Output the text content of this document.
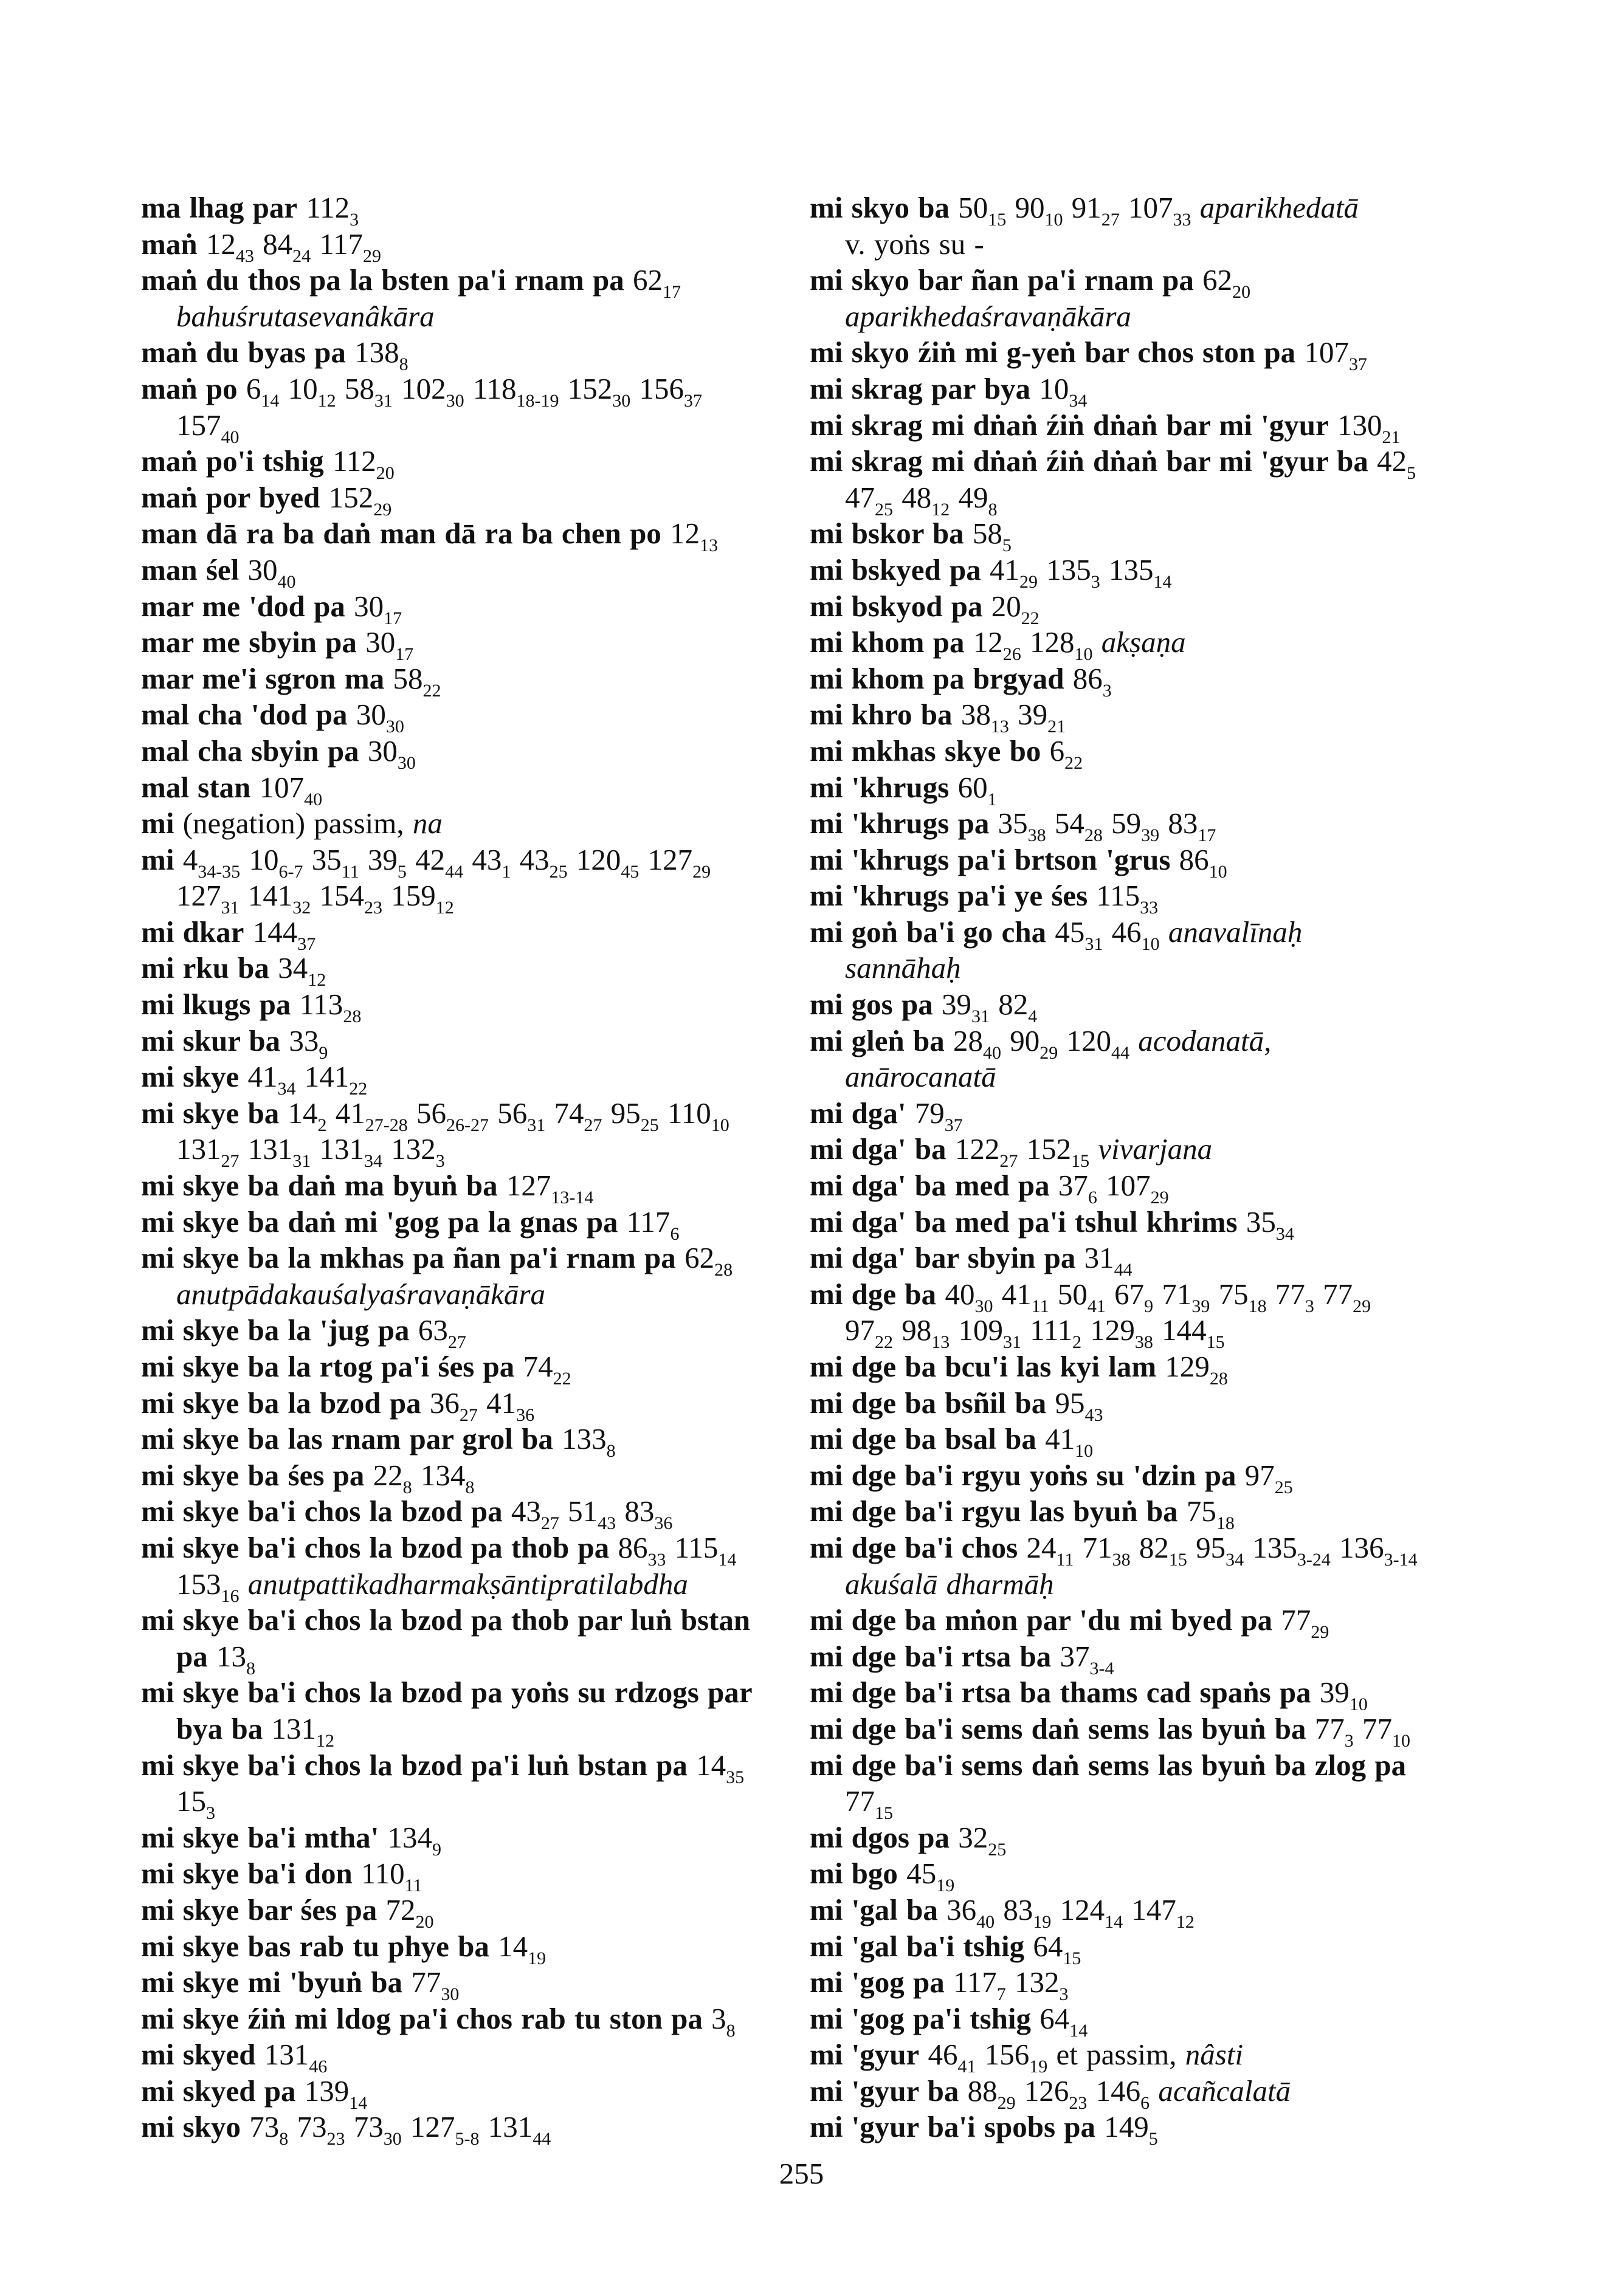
ma lhag par $112_3$
maṅ $12_{43}$ $84_{24}$ $117_{29}$
maṅ du thos pa la bsten pa'i rnam pa $62_{17}$ bahuśrutasevanâkāra
maṅ du byas pa $138_8$
maṅ po $6_{14}$ $10_{12}$ $58_{31}$ $102_{30}$ $118_{18-19}$ $152_{30}$ $156_{37}$ $157_{40}$
maṅ po'i tshig $112_{20}$
maṅ por byed $152_{29}$
man dā ra ba daṅ man dā ra ba chen po $12_{13}$
man śel $30_{40}$
mar me 'dod pa $30_{17}$
mar me sbyin pa $30_{17}$
mar me'i sgron ma $58_{22}$
mal cha 'dod pa $30_{30}$
mal cha sbyin pa $30_{30}$
mal stan $107_{40}$
mi (negation) passim, na
mi $4_{34-35}$ $10_{6-7}$ $35_{11}$ $39_5$ $42_{44}$ $43_1$ $43_{25}$ $120_{45}$ $127_{29}$ $127_{31}$ $141_{32}$ $154_{23}$ $159_{12}$
mi dkar $144_{37}$
mi rku ba $34_{12}$
mi lkugs pa $113_{28}$
mi skur ba $33_9$
mi skye $41_{34}$ $141_{22}$
mi skye ba $14_2$ $41_{27-28}$ $56_{26-27}$ $56_{31}$ $74_{27}$ $95_{25}$ $110_{10}$ $131_{27}$ $131_{31}$ $131_{34}$ $132_3$
mi skye ba daṅ ma byuṅ ba $127_{13-14}$
mi skye ba daṅ mi 'gog pa la gnas pa $117_6$
mi skye ba la mkhas pa ñan pa'i rnam pa $62_{28}$ anutpādakauśalyaśravaṇākāra
mi skye ba la 'jug pa $63_{27}$
mi skye ba la rtog pa'i śes pa $74_{22}$
mi skye ba la bzod pa $36_{27}$ $41_{36}$
mi skye ba las rnam par grol ba $133_8$
mi skye ba śes pa $22_8$ $134_8$
mi skye ba'i chos la bzod pa $43_{27}$ $51_{43}$ $83_{36}$
mi skye ba'i chos la bzod pa thob pa $86_{33}$ $115_{14}$ $153_{16}$ anutpattikadharmakṣāntipratilabdha
mi skye ba'i chos la bzod pa thob par luṅ bstan pa $13_8$
mi skye ba'i chos la bzod pa yoṅs su rdzogs par bya ba $131_{12}$
mi skye ba'i chos la bzod pa'i luṅ bstan pa $14_{35}$ $15_3$
mi skye ba'i mtha' $134_9$
mi skye ba'i don $110_{11}$
mi skye bar śes pa $72_{20}$
mi skye bas rab tu phye ba $14_{19}$
mi skye mi 'byuṅ ba $77_{30}$
mi skye źiṅ mi ldog pa'i chos rab tu ston pa $3_8$
mi skyed $131_{46}$
mi skyed pa $139_{14}$
mi skyo $73_8$ $73_{23}$ $73_{30}$ $127_{5-8}$ $131_{44}$
mi skyo ba $50_{15}$ $90_{10}$ $91_{27}$ $107_{33}$ aparikhedatā
v. yoṅs su -
mi skyo bar ñan pa'i rnam pa $62_{20}$ aparikhedaśravaṇākāra
mi skyo źiṅ mi g-yeṅ bar chos ston pa $107_{37}$
mi skrag par bya $10_{34}$
mi skrag mi dṅaṅ źiṅ dṅaṅ bar mi 'gyur $130_{21}$
mi skrag mi dṅaṅ źiṅ dṅaṅ bar mi 'gyur ba $42_5$ $47_{25}$ $48_{12}$ $49_8$
mi bskor ba $58_5$
mi bskyed pa $41_{29}$ $135_3$ $135_{14}$
mi bskyod pa $20_{22}$
mi khom pa $12_{26}$ $128_{10}$ akṣaṇa
mi khom pa brgyad $86_3$
mi khro ba $38_{13}$ $39_{21}$
mi mkhas skye bo $6_{22}$
mi 'khrugs $60_1$
mi 'khrugs pa $35_{38}$ $54_{28}$ $59_{39}$ $83_{17}$
mi 'khrugs pa'i brtson 'grus $86_{10}$
mi 'khrugs pa'i ye śes $115_{33}$
mi goṅ ba'i go cha $45_{31}$ $46_{10}$ anavalīnaḥ sannāhaḥ
mi gos pa $39_{31}$ $82_4$
mi gleṅ ba $28_{40}$ $90_{29}$ $120_{44}$ acodanatā, anārocanatā
mi dga' $79_{37}$
mi dga' ba $122_{27}$ $152_{15}$ vivarjana
mi dga' ba med pa $37_6$ $107_{29}$
mi dga' ba med pa'i tshul khrims $35_{34}$
mi dga' bar sbyin pa $31_{44}$
mi dge ba $40_{30}$ $41_{11}$ $50_{41}$ $67_9$ $71_{39}$ $75_{18}$ $77_3$ $77_{29}$ $97_{22}$ $98_{13}$ $109_{31}$ $111_2$ $129_{38}$ $144_{15}$
mi dge ba bcu'i las kyi lam $129_{28}$
mi dge ba bsñil ba $95_{43}$
mi dge ba bsal ba $41_{10}$
mi dge ba'i rgyu yoṅs su 'dzin pa $97_{25}$
mi dge ba'i rgyu las byuṅ ba $75_{18}$
mi dge ba'i chos $24_{11}$ $71_{38}$ $82_{15}$ $95_{34}$ $135_{3-24}$ $136_{3-14}$ akuśalā dharmāḥ
mi dge ba mṅon par 'du mi byed pa $77_{29}$
mi dge ba'i rtsa ba $37_{3-4}$
mi dge ba'i rtsa ba thams cad spaṅs pa $39_{10}$
mi dge ba'i sems daṅ sems las byuṅ ba $77_3$ $77_{10}$
mi dge ba'i sems daṅ sems las byuṅ ba zlog pa $77_{15}$
mi dgos pa $32_{25}$
mi bgo $45_{19}$
mi 'gal ba $36_{40}$ $83_{19}$ $124_{14}$ $147_{12}$
mi 'gal ba'i tshig $64_{15}$
mi 'gog pa $117_7$ $132_3$
mi 'gog pa'i tshig $64_{14}$
mi 'gyur $46_{41}$ $156_{19}$ et passim, nâsti
mi 'gyur ba $88_{29}$ $126_{23}$ $146_6$ acañcalatā
mi 'gyur ba'i spobs pa $149_5$
255
